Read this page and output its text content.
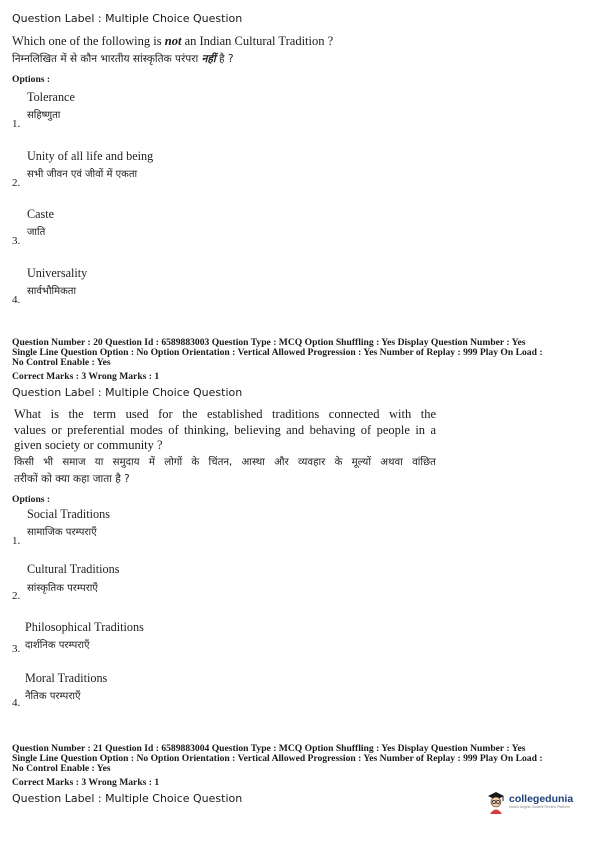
Question Label : Multiple Choice Question
Which one of the following is not an Indian Cultural Tradition ?
निम्नलिखित में से कौन भारतीय सांस्कृतिक परंपरा नहीं है ?
Options :
Tolerance
सहिष्णुता
1.
Unity of all life and being
सभी जीवन एवं जीवों में एकता
2.
Caste
जाति
3.
Universality
सार्वभौमिकता
4.
Question Number : 20 Question Id : 6589883003 Question Type : MCQ Option Shuffling : Yes Display Question Number : Yes
Single Line Question Option : No Option Orientation : Vertical Allowed Progression : Yes Number of Replay : 999 Play On Load :
No Control Enable : Yes
Correct Marks : 3 Wrong Marks : 1
Question Label : Multiple Choice Question
What is the term used for the established traditions connected with the
values or preferential modes of thinking, believing and behaving of people in a
given society or community ?
किसी भी समाज या समुदाय में लोगों के चिंतन, आस्था और व्यवहार के मूल्यों अथवा वांछित
तरीकों को क्या कहा जाता है ?
Options :
Social Traditions
सामाजिक परम्पराएँ
1.
Cultural Traditions
सांस्कृतिक परम्पराएँ
2.
Philosophical Traditions
दार्शनिक परम्पराएँ
3.
Moral Traditions
नैतिक परम्पराएँ
4.
Question Number : 21 Question Id : 6589883004 Question Type : MCQ Option Shuffling : Yes Display Question Number : Yes
Single Line Question Option : No Option Orientation : Vertical Allowed Progression : Yes Number of Replay : 999 Play On Load :
No Control Enable : Yes
Correct Marks : 3 Wrong Marks : 1
Question Label : Multiple Choice Question	collegedunia
India's largest Student Review Platform
